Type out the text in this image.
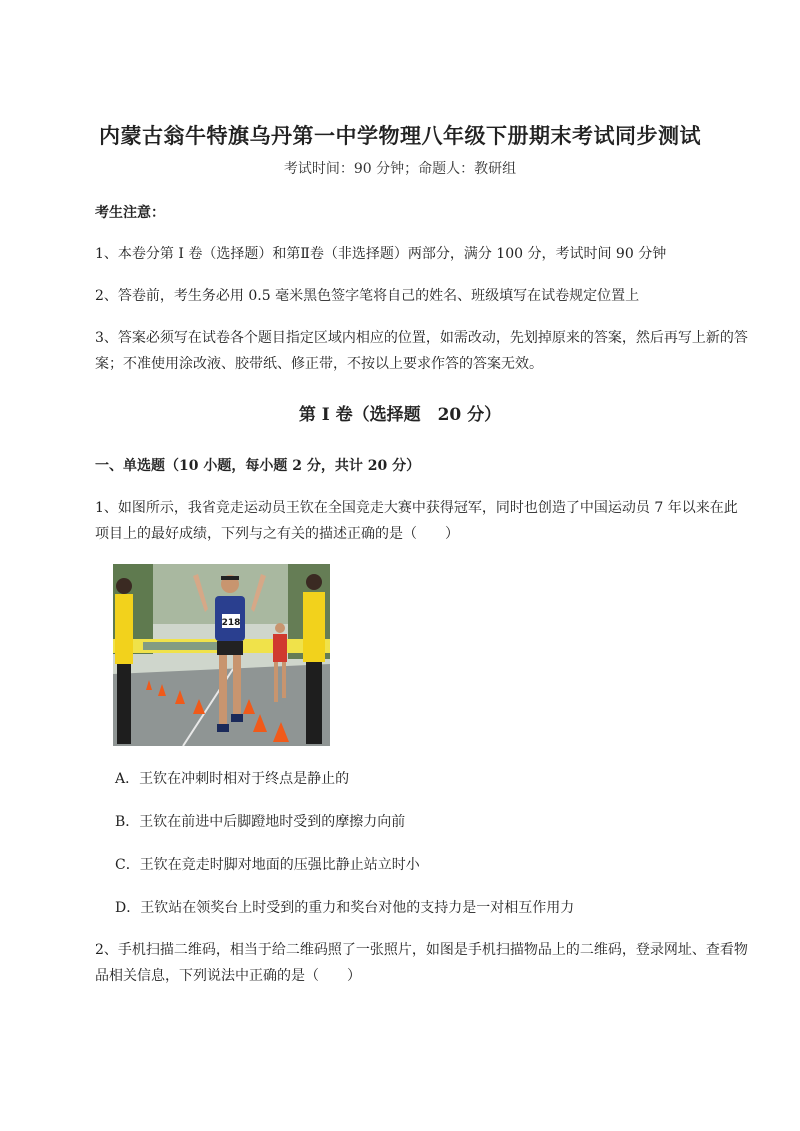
内蒙古翁牛特旗乌丹第一中学物理八年级下册期末考试同步测试
考试时间：90 分钟；命题人：教研组
考生注意：
1、本卷分第 I 卷（选择题）和第Ⅱ卷（非选择题）两部分，满分 100 分，考试时间 90 分钟
2、答卷前，考生务必用 0.5 毫米黑色签字笔将自己的姓名、班级填写在试卷规定位置上
3、答案必须写在试卷各个题目指定区域内相应的位置，如需改动，先划掉原来的答案，然后再写上新的答案；不准使用涂改液、胶带纸、修正带，不按以上要求作答的答案无效。
第 I 卷（选择题　20 分）
一、单选题（10 小题，每小题 2 分，共计 20 分）
1、如图所示，我省竞走运动员王钦在全国竞走大赛中获得冠军，同时也创造了中国运动员 7 年以来在此项目上的最好成绩，下列与之有关的描述正确的是（　　）
218
A．王钦在冲刺时相对于终点是静止的
B．王钦在前进中后脚蹬地时受到的摩擦力向前
C．王钦在竞走时脚对地面的压强比静止站立时小
D．王钦站在领奖台上时受到的重力和奖台对他的支持力是一对相互作用力
2、手机扫描二维码，相当于给二维码照了一张照片，如图是手机扫描物品上的二维码，登录网址、查看物品相关信息，下列说法中正确的是（　　）
